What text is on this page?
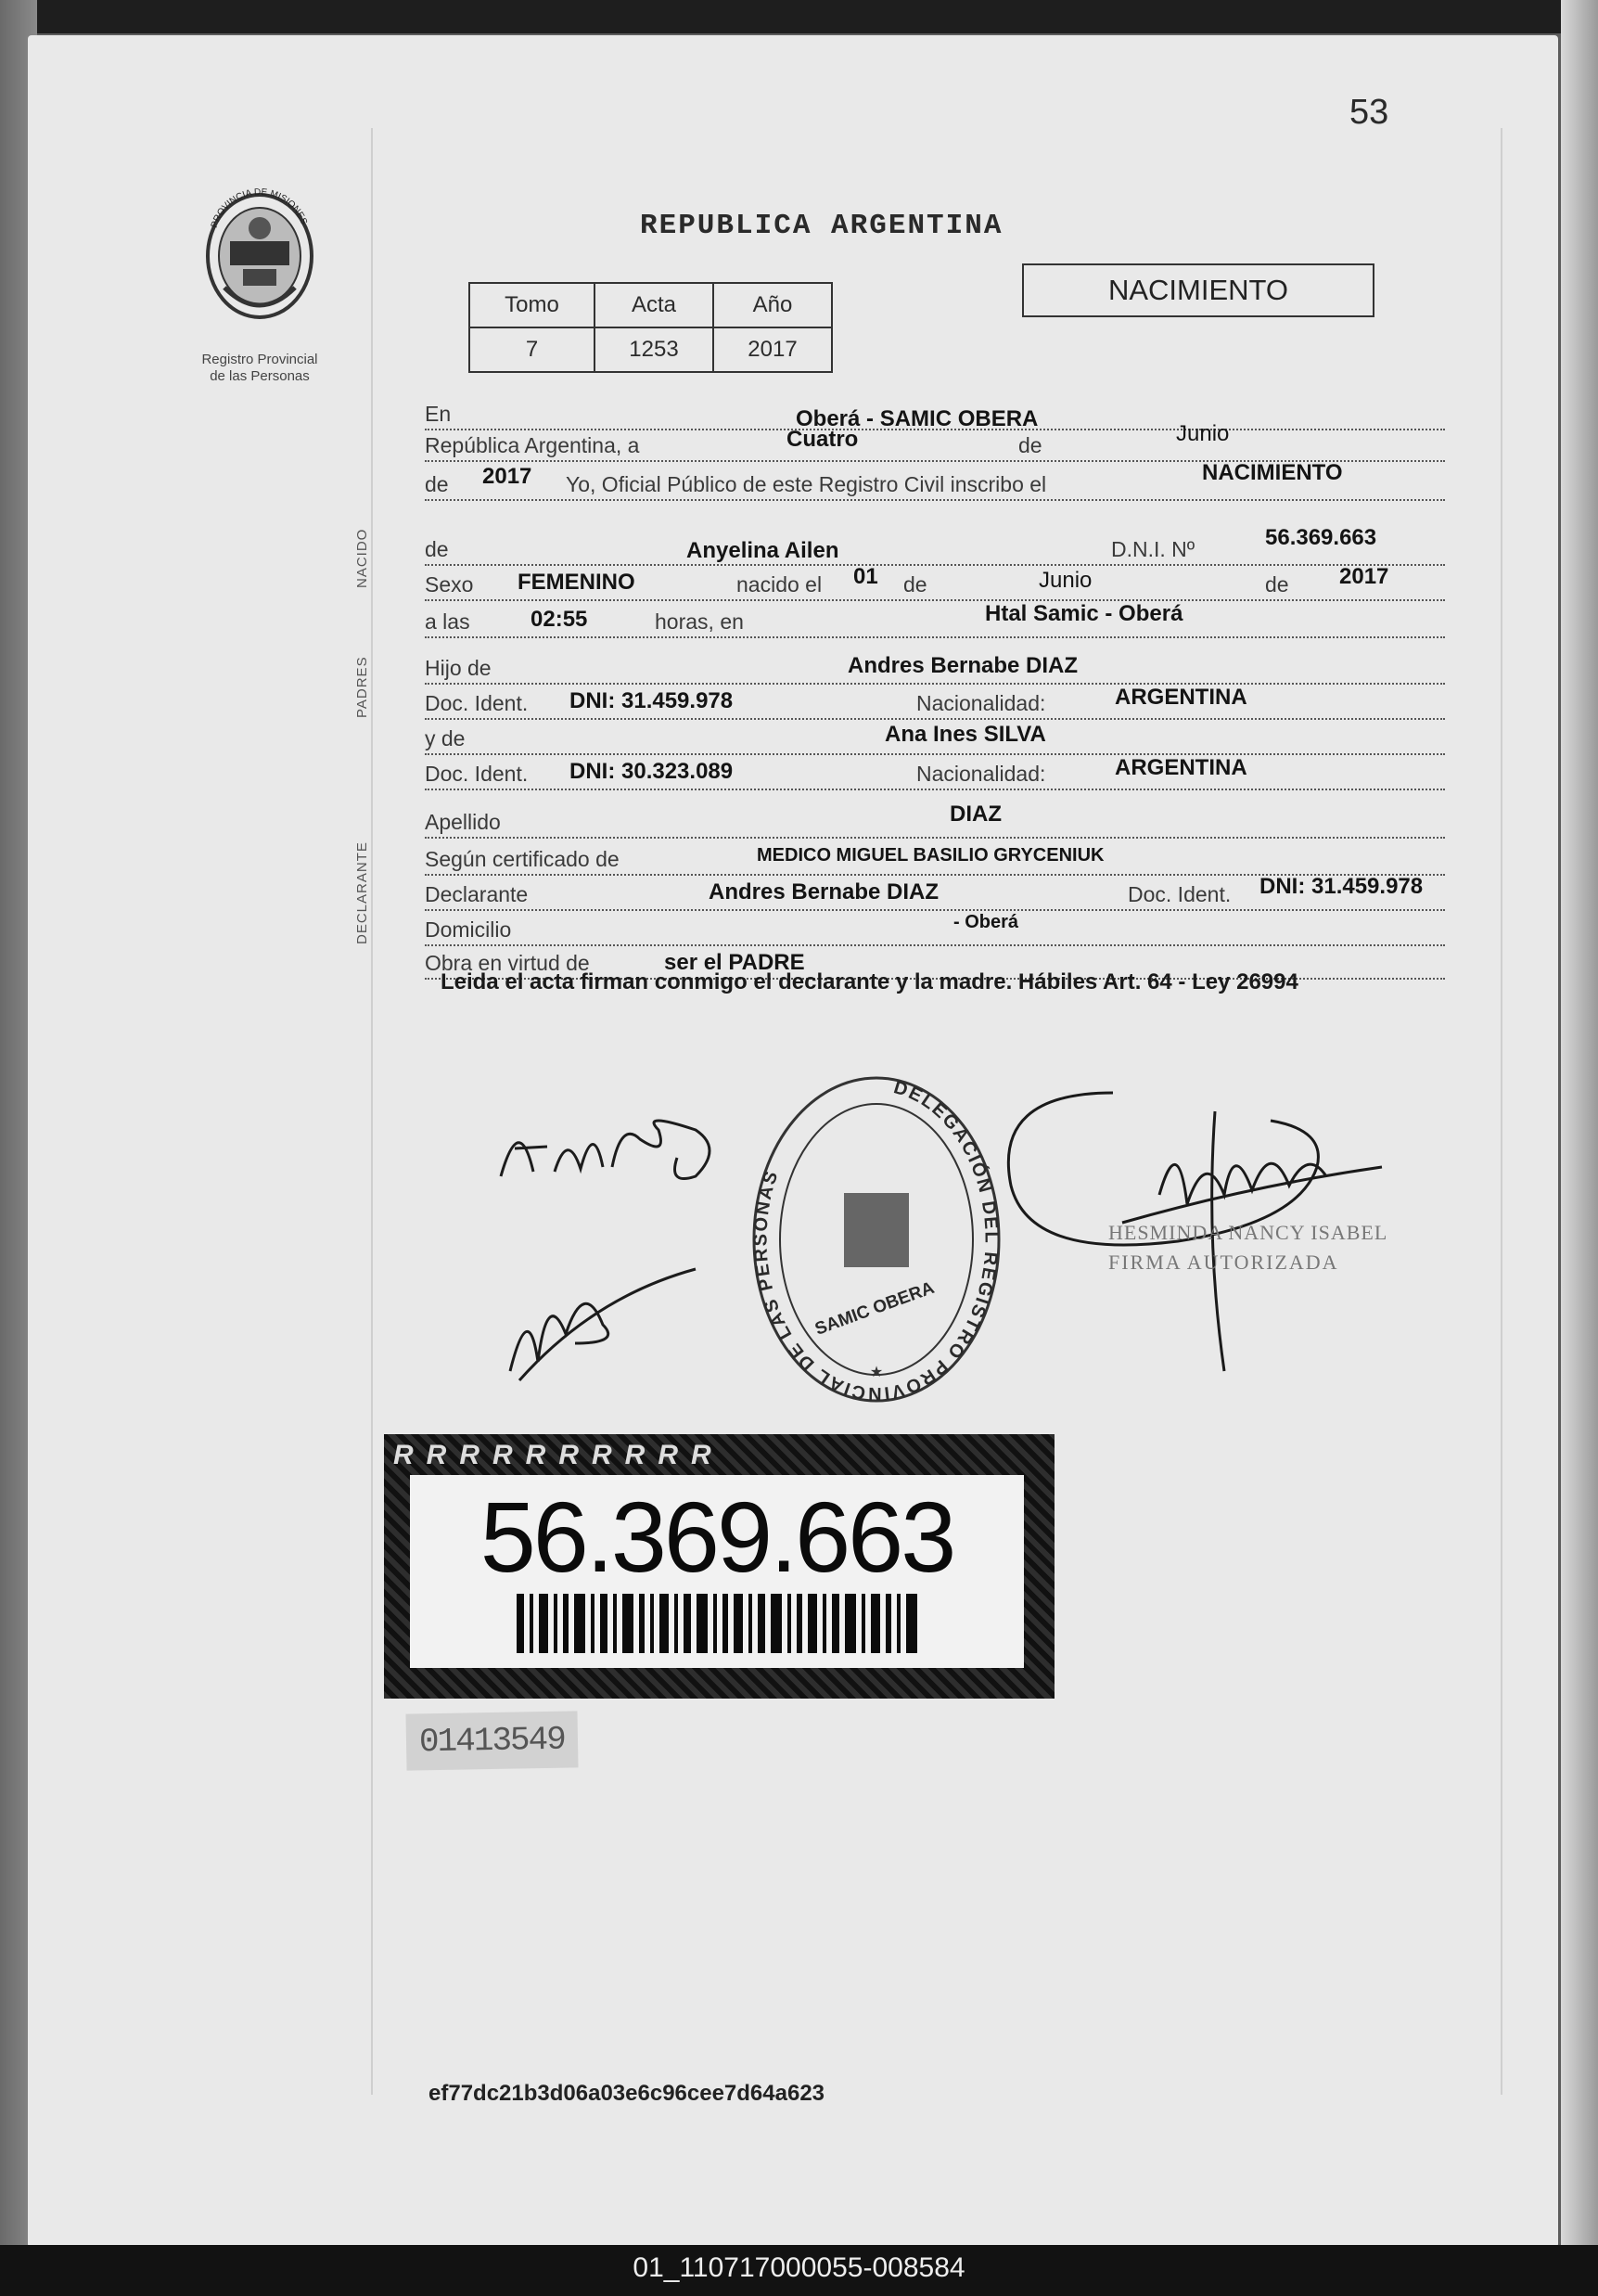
53
PROVINCIA DE MISIONES
Registro Provincial
de las Personas
REPUBLICA ARGENTINA
Tomo	Acta	Año
7	1253	2017
NACIMIENTO
En	Oberá - SAMIC OBERA
República Argentina, a	Cuatro	de	Junio
de 2017 Yo, Oficial Público de este Registro Civil inscribo el	NACIMIENTO
de	Anyelina Ailen	D.N.I. Nº	56.369.663
Sexo FEMENINO	nacido el 01 de	Junio	de 2017
a las	02:55	horas, en	Htal Samic - Oberá
Hijo de	Andres Bernabe DIAZ
Doc. Ident. DNI: 31.459.978	Nacionalidad:	ARGENTINA
y de	Ana Ines SILVA
Doc. Ident. DNI: 30.323.089	Nacionalidad:	ARGENTINA
Apellido	DIAZ
Según certificado de	MEDICO MIGUEL BASILIO GRYCENIUK
Declarante	Andres Bernabe DIAZ	Doc. Ident. DNI: 31.459.978
Domicilio	- Oberá
Obra en virtud de	ser el PADRE
NACIDO
PADRES
DECLARANTE
Leida el acta firman conmigo el declarante y la madre. Hábiles Art. 64 - Ley 26994
DELEGACIÓN DEL REGISTRO PROVINCIAL DE LAS PERSONAS
SAMIC OBERA
★
HESMINDA NANCY ISABEL
FIRMA AUTORIZADA
RRRRRRRRRR
56.369.663
01413549
ef77dc21b3d06a03e6c96cee7d64a623
01_110717000055-008584
